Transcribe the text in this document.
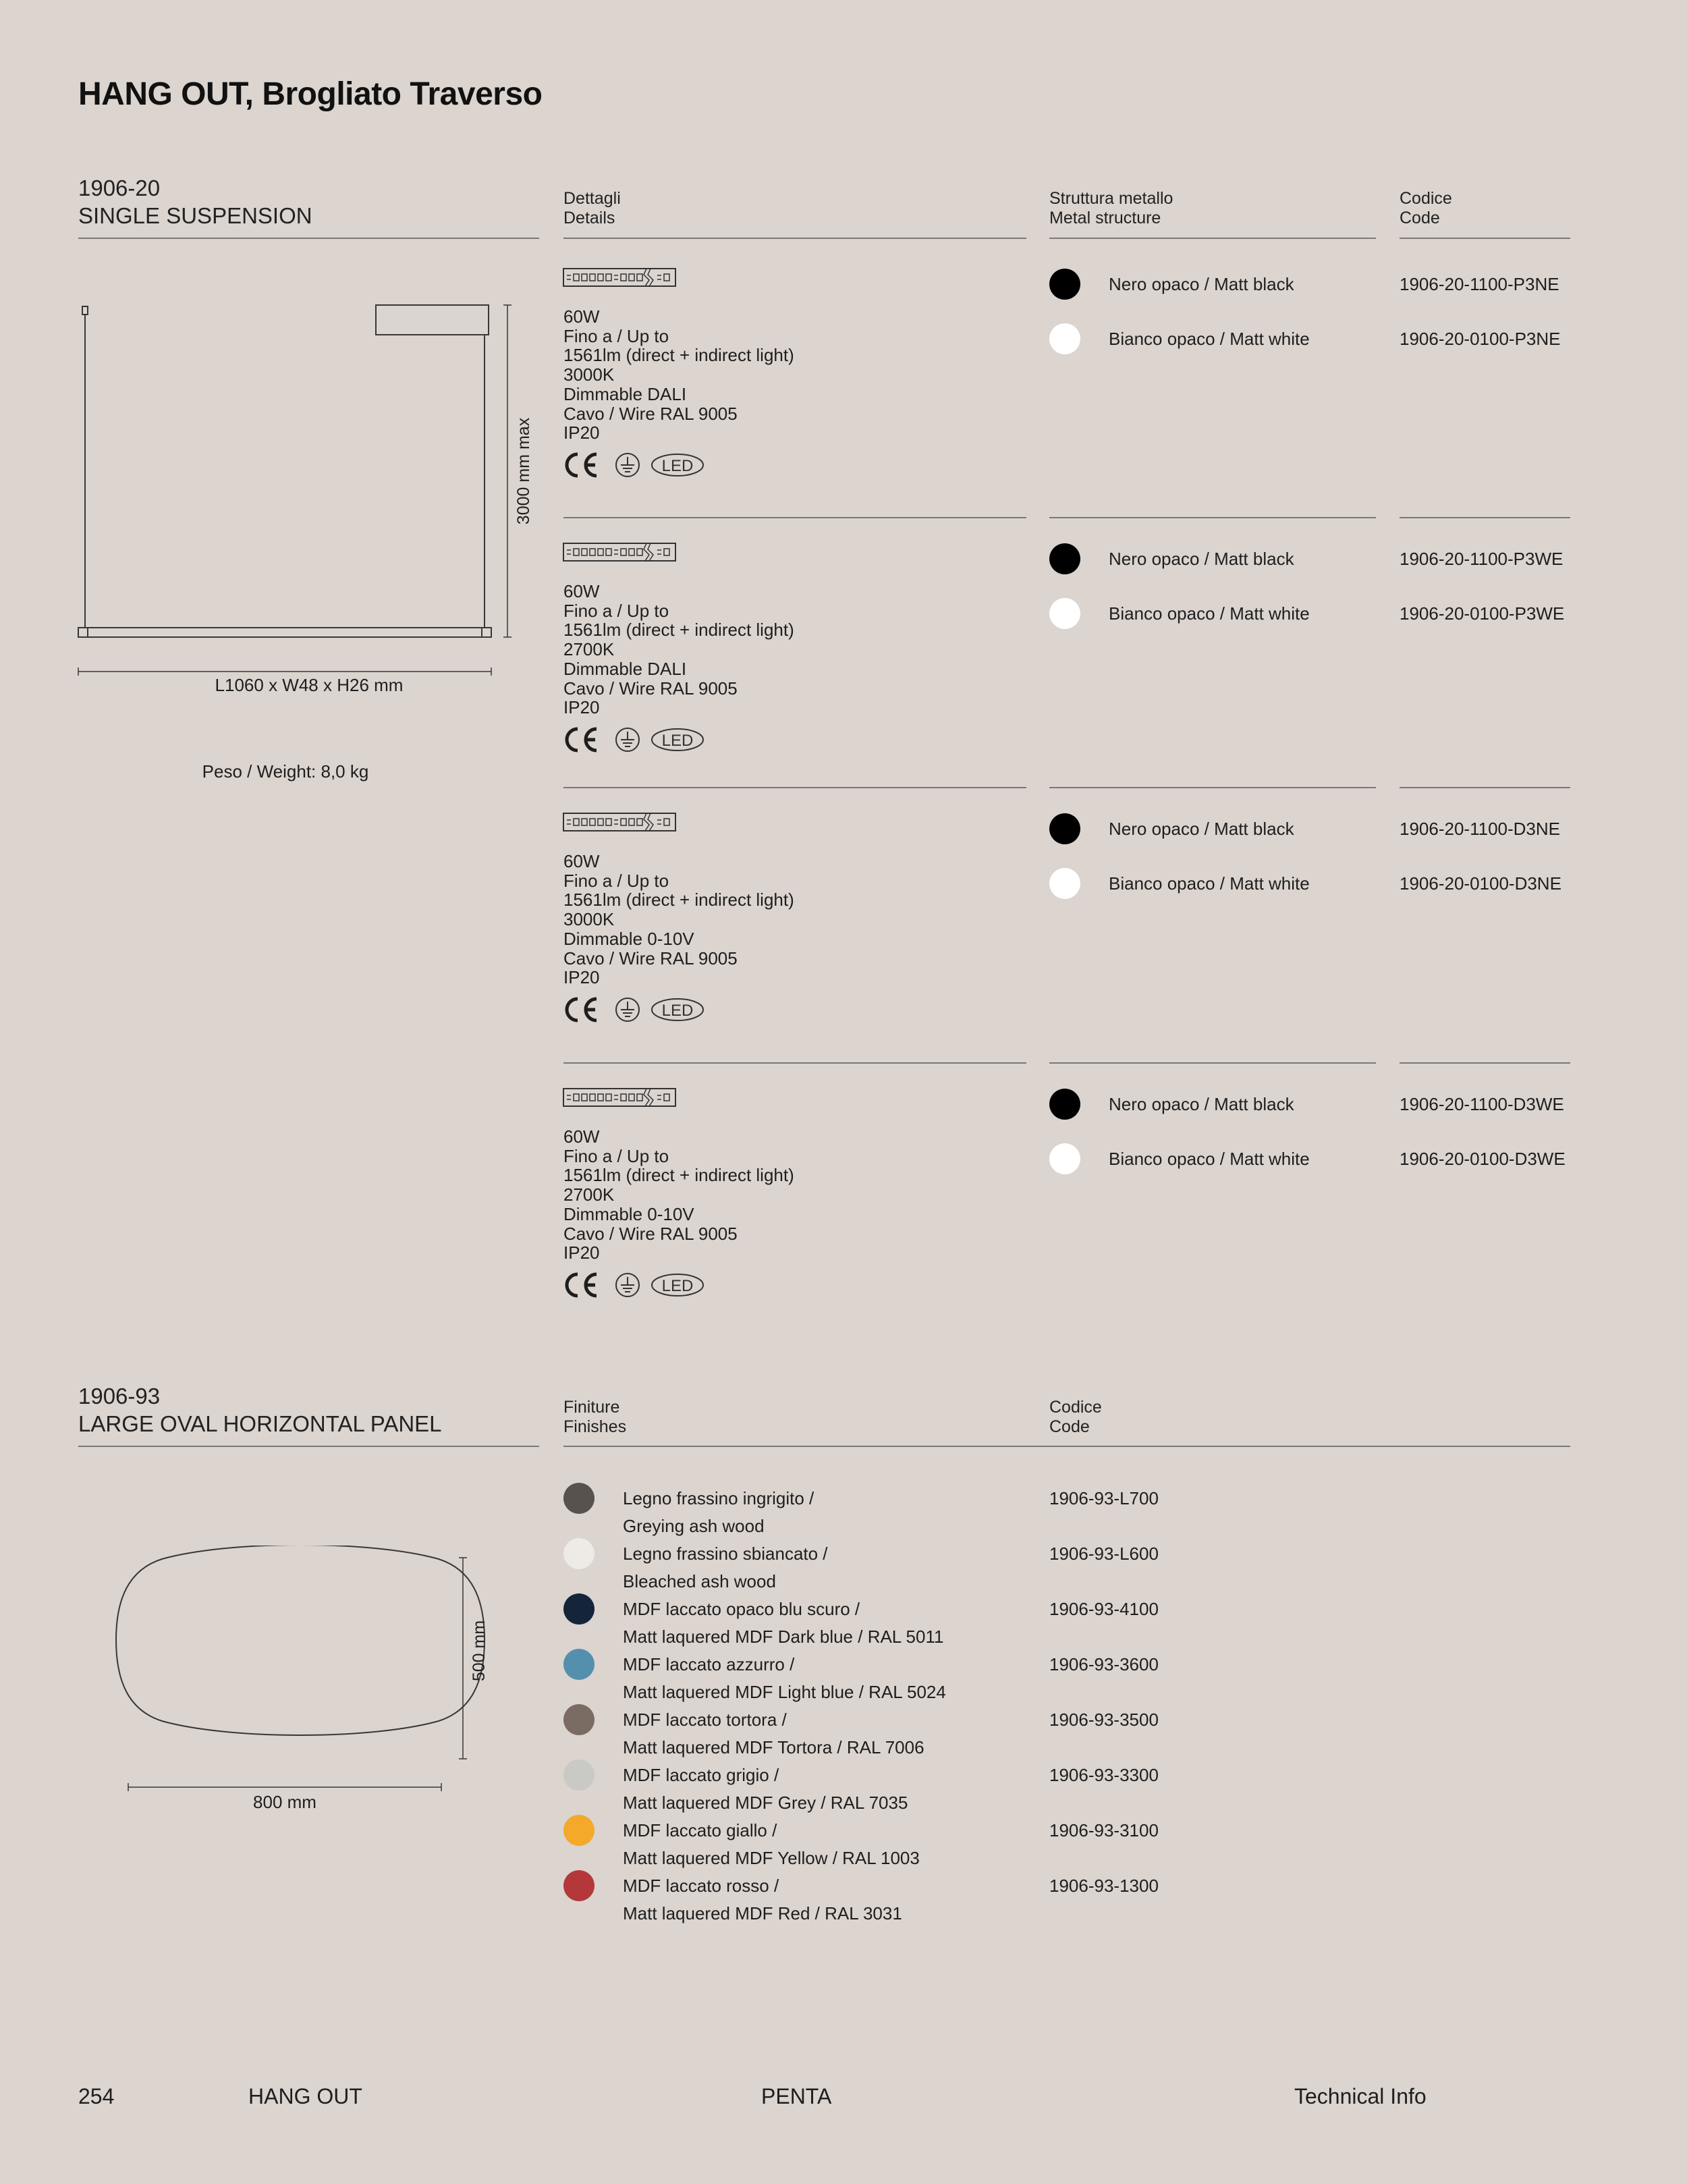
HANG OUT, Brogliato Traverso
1906-20
SINGLE SUSPENSION
Dettagli
Details
Struttura metallo
Metal structure
Codice
Code
3000 mm max
L1060 x W48 x H26 mm
Peso / Weight: 8,0 kg
60W
Fino a / Up to
1561lm (direct + indirect light)
3000K
Dimmable DALI
Cavo / Wire RAL 9005
IP20
LED
Nero opaco / Matt black	1906-20-1100-P3NE
Bianco opaco / Matt white	1906-20-0100-P3NE
60W
Fino a / Up to
1561lm (direct + indirect light)
2700K
Dimmable DALI
Cavo / Wire RAL 9005
IP20
LED
Nero opaco / Matt black	1906-20-1100-P3WE
Bianco opaco / Matt white	1906-20-0100-P3WE
60W
Fino a / Up to
1561lm (direct + indirect light)
3000K
Dimmable 0-10V
Cavo / Wire RAL 9005
IP20
LED
Nero opaco / Matt black	1906-20-1100-D3NE
Bianco opaco / Matt white	1906-20-0100-D3NE
60W
Fino a / Up to
1561lm (direct + indirect light)
2700K
Dimmable 0-10V
Cavo / Wire RAL 9005
IP20
LED
Nero opaco / Matt black	1906-20-1100-D3WE
Bianco opaco / Matt white	1906-20-0100-D3WE
1906-93
LARGE OVAL HORIZONTAL PANEL
Finiture
Finishes
Codice
Code
500 mm
800 mm
Legno frassino ingrigito /
Greying ash wood
1906-93-L700
Legno frassino sbiancato /
Bleached ash wood
1906-93-L600
MDF laccato opaco blu scuro /
Matt laquered MDF Dark blue / RAL 5011
1906-93-4100
MDF laccato azzurro /
Matt laquered MDF Light blue / RAL 5024
1906-93-3600
MDF laccato tortora /
Matt laquered MDF Tortora / RAL 7006
1906-93-3500
MDF laccato grigio /
Matt laquered MDF Grey / RAL 7035
1906-93-3300
MDF laccato giallo /
Matt laquered MDF Yellow / RAL 1003
1906-93-3100
MDF laccato rosso /
Matt laquered MDF Red / RAL 3031
1906-93-1300
254	HANG OUT	PENTA	Technical Info
